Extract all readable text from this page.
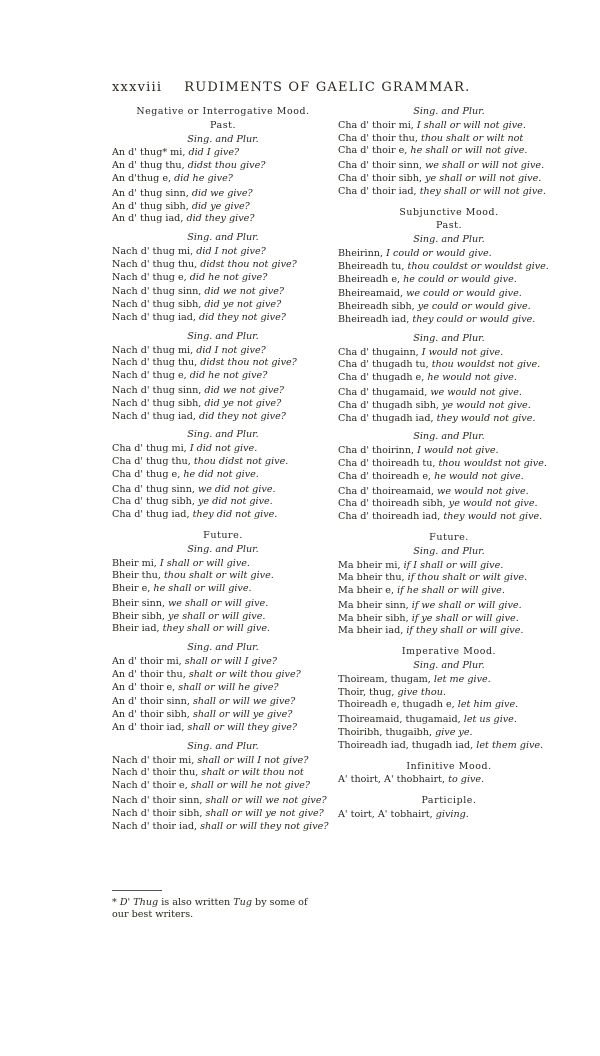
xxxviii RUDIMENTS OF GAELIC GRAMMAR.
Negative or Interrogative Mood.
Past.
Sing. and Plur.
An d' thug* mi, did I give?
An d' thug thu, didst thou give?
An d'thug e, did he give?
An d' thug sinn, did we give?
An d' thug sibh, did ye give?
An d' thug iad, did they give?
Sing. and Plur.
Nach d' thug mi, did I not give?
Nach d' thug thu, didst thou not give?
Nach d' thug e, did he not give?
Nach d' thug sinn, did we not give?
Nach d' thug sibh, did ye not give?
Nach d' thug iad, did they not give?
Sing. and Plur.
Nach d' thug mi, did I not give?
Nach d' thug thu, didst thou not give?
Nach d' thug e, did he not give?
Nach d' thug sinn, did we not give?
Nach d' thug sibh, did ye not give?
Nach d' thug iad, did they not give?
Sing. and Plur.
Cha d' thug mi, I did not give.
Cha d' thug thu, thou didst not give.
Cha d' thug e, he did not give.
Cha d' thug sinn, we did not give.
Cha d' thug sibh, ye did not give.
Cha d' thug iad, they did not give.
Future.
Sing. and Plur.
Bheir mi, I shall or will give.
Bheir thu, thou shalt or wilt give.
Bheir e, he shall or will give.
Bheir sinn, we shall or will give.
Bheir sibh, ye shall or will give.
Bheir iad, they shall or will give.
Sing. and Plur.
An d' thoir mi, shall or will I give?
An d' thoir thu, shalt or wilt thou give?
An d' thoir e, shall or will he give?
An d' thoir sinn, shall or will we give?
An d' thoir sibh, shall or will ye give?
An d' thoir iad, shall or will they give?
Sing. and Plur.
Nach d' thoir mi, shall or will I not give?
Nach d' thoir thu, shalt or wilt thou not
Nach d' thoir e, shall or will he not give?
Nach d' thoir sinn, shall or will we not give?
Nach d' thoir sibh, shall or will ye not give?
Nach d' thoir iad, shall or will they not give?
Sing. and Plur.
Cha d' thoir mi, I shall or will not give.
Cha d' thoir thu, thou shalt or wilt not
Cha d' thoir e, he shall or will not give.
Cha d' thoir sinn, we shall or will not give.
Cha d' thoir sibh, ye shall or will not give.
Cha d' thoir iad, they shall or will not give.
Subjunctive Mood.
Past.
Sing. and Plur.
Bheirinn, I could or would give.
Bheireadh tu, thou couldst or wouldst give.
Bheireadh e, he could or would give.
Bheireamaid, we could or would give.
Bheireadh sibh, ye could or would give.
Bheireadh iad, they could or would give.
Sing. and Plur.
Cha d' thugainn, I would not give.
Cha d' thugadh tu, thou wouldst not give.
Cha d' thugadh e, he would not give.
Cha d' thugamaid, we would not give.
Cha d' thugadh sibh, ye would not give.
Cha d' thugadh iad, they would not give.
Sing. and Plur.
Cha d' thoirinn, I would not give.
Cha d' thoireadh tu, thou wouldst not give.
Cha d' thoireadh e, he would not give.
Cha d' thoireamaid, we would not give.
Cha d' thoireadh sibh, ye would not give.
Cha d' thoireadh iad, they would not give.
Future.
Sing. and Plur.
Ma bheir mi, if I shall or will give.
Ma bheir thu, if thou shalt or wilt give.
Ma bheir e, if he shall or will give.
Ma bheir sinn, if we shall or will give.
Ma bheir sibh, if ye shall or will give.
Ma bheir iad, if they shall or will give.
Imperative Mood.
Sing. and Plur.
Thoiream, thugam, let me give.
Thoir, thug, give thou.
Thoireadh e, thugadh e, let him give.
Thoireamaid, thugamaid, let us give.
Thoiribh, thugaibh, give ye.
Thoireadh iad, thugadh iad, let them give.
Infinitive Mood.
A' thoirt, A' thobhairt, to give.
Participle.
A' toirt, A' tobhairt, giving.
* D' Thug is also written Tug by some of our best writers.
